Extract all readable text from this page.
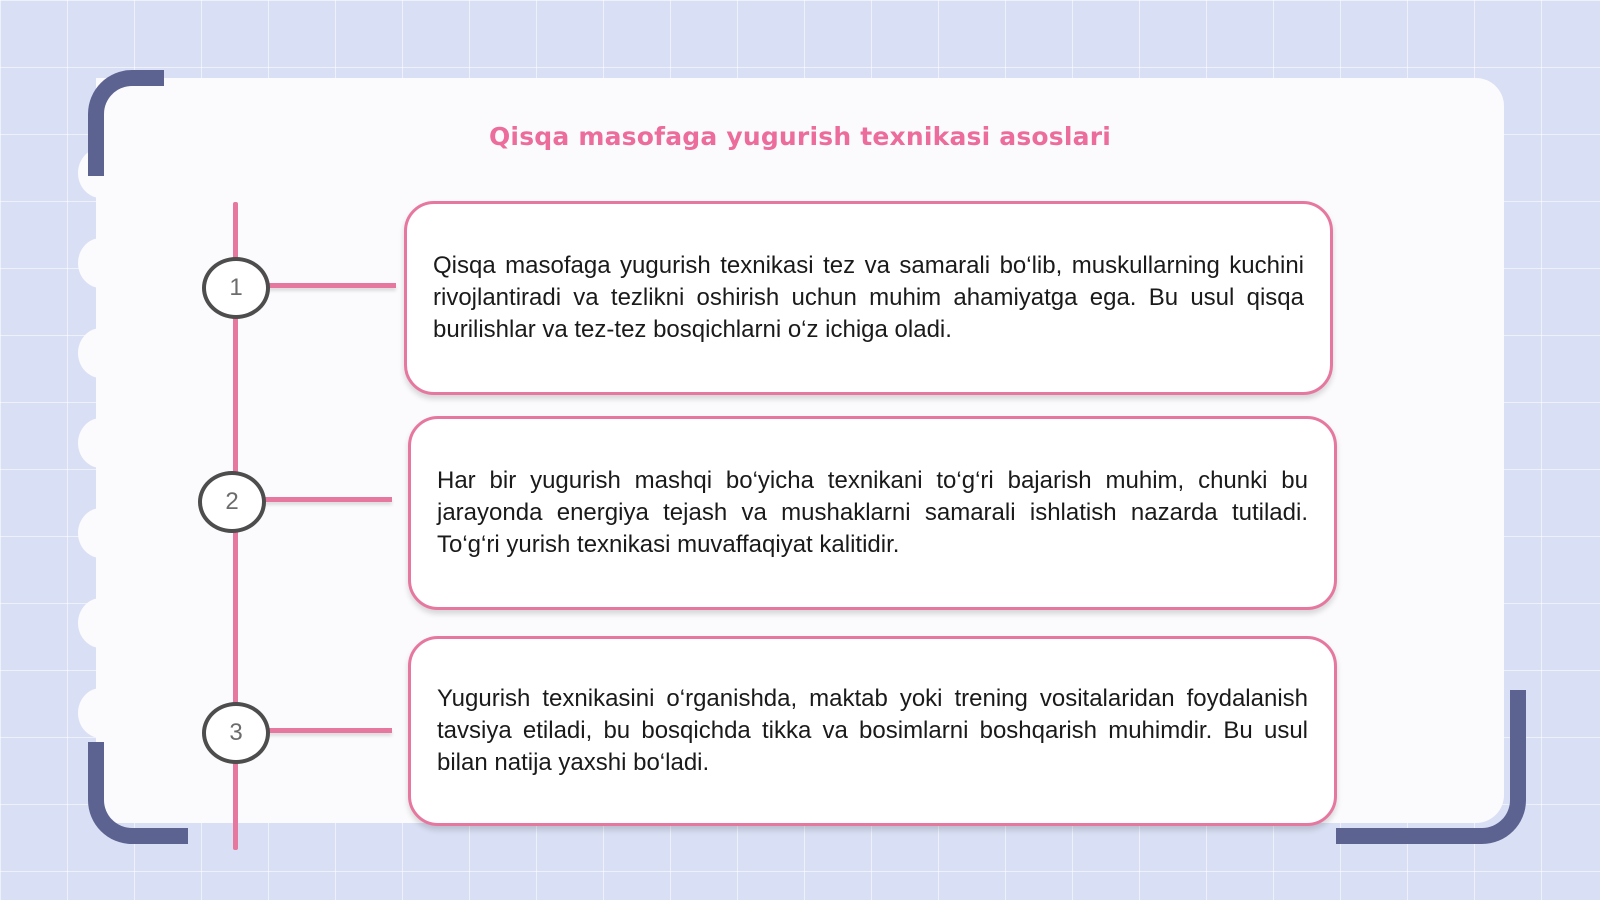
Qisqa masofaga yugurish texnikasi asoslari
1

Qisqa masofaga yugurish texnikasi tez va samarali bo‘lib, muskullarning kuchini rivojlantiradi va tezlikni oshirish uchun muhim ahamiyatga ega. Bu usul qisqa burilishlar va tez-tez bosqichlarni o‘z ichiga oladi.

2

Har bir yugurish mashqi bo‘yicha texnikani to‘g‘ri bajarish muhim, chunki bu jarayonda energiya tejash va mushaklarni samarali ishlatish nazarda tutiladi. To‘g‘ri yurish texnikasi muvaffaqiyat kalitidir.

3

Yugurish texnikasini o‘rganishda, maktab yoki trening vositalaridan foydalanish tavsiya etiladi, bu bosqichda tikka va bosimlarni boshqarish muhimdir. Bu usul bilan natija yaxshi bo‘ladi.
